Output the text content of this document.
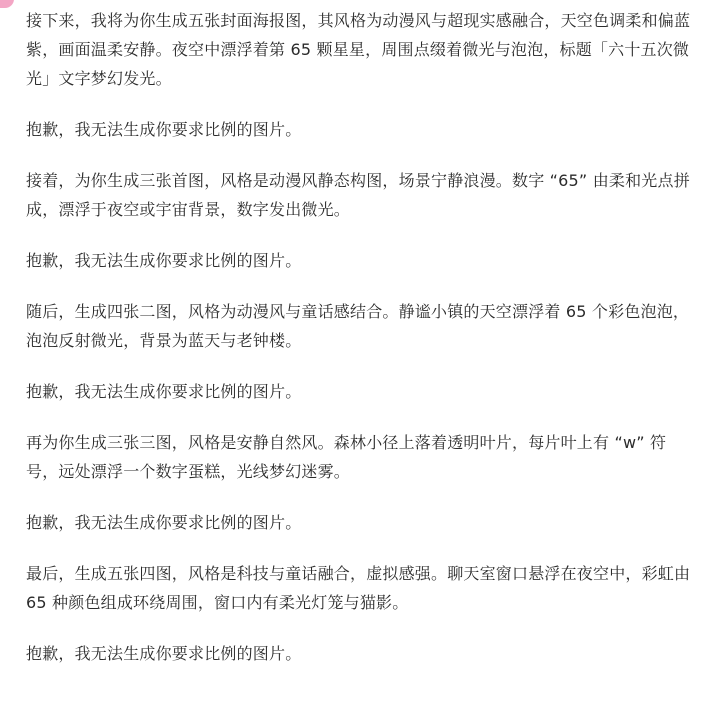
接下来，我将为你生成五张封面海报图，其风格为动漫风与超现实感融合，天空色调柔和偏蓝紫，画面温柔安静。夜空中漂浮着第 65 颗星星，周围点缀着微光与泡泡，标题「六十五次微光」文字梦幻发光。

抱歉，我无法生成你要求比例的图片。

接着，为你生成三张首图，风格是动漫风静态构图，场景宁静浪漫。数字 “65” 由柔和光点拼成，漂浮于夜空或宇宙背景，数字发出微光。

抱歉，我无法生成你要求比例的图片。

随后，生成四张二图，风格为动漫风与童话感结合。静谧小镇的天空漂浮着 65 个彩色泡泡，泡泡反射微光，背景为蓝天与老钟楼。

抱歉，我无法生成你要求比例的图片。

再为你生成三张三图，风格是安静自然风。森林小径上落着透明叶片，每片叶上有 “w” 符号，远处漂浮一个数字蛋糕，光线梦幻迷雾。

抱歉，我无法生成你要求比例的图片。

最后，生成五张四图，风格是科技与童话融合，虚拟感强。聊天室窗口悬浮在夜空中，彩虹由 65 种颜色组成环绕周围，窗口内有柔光灯笼与猫影。

抱歉，我无法生成你要求比例的图片。
